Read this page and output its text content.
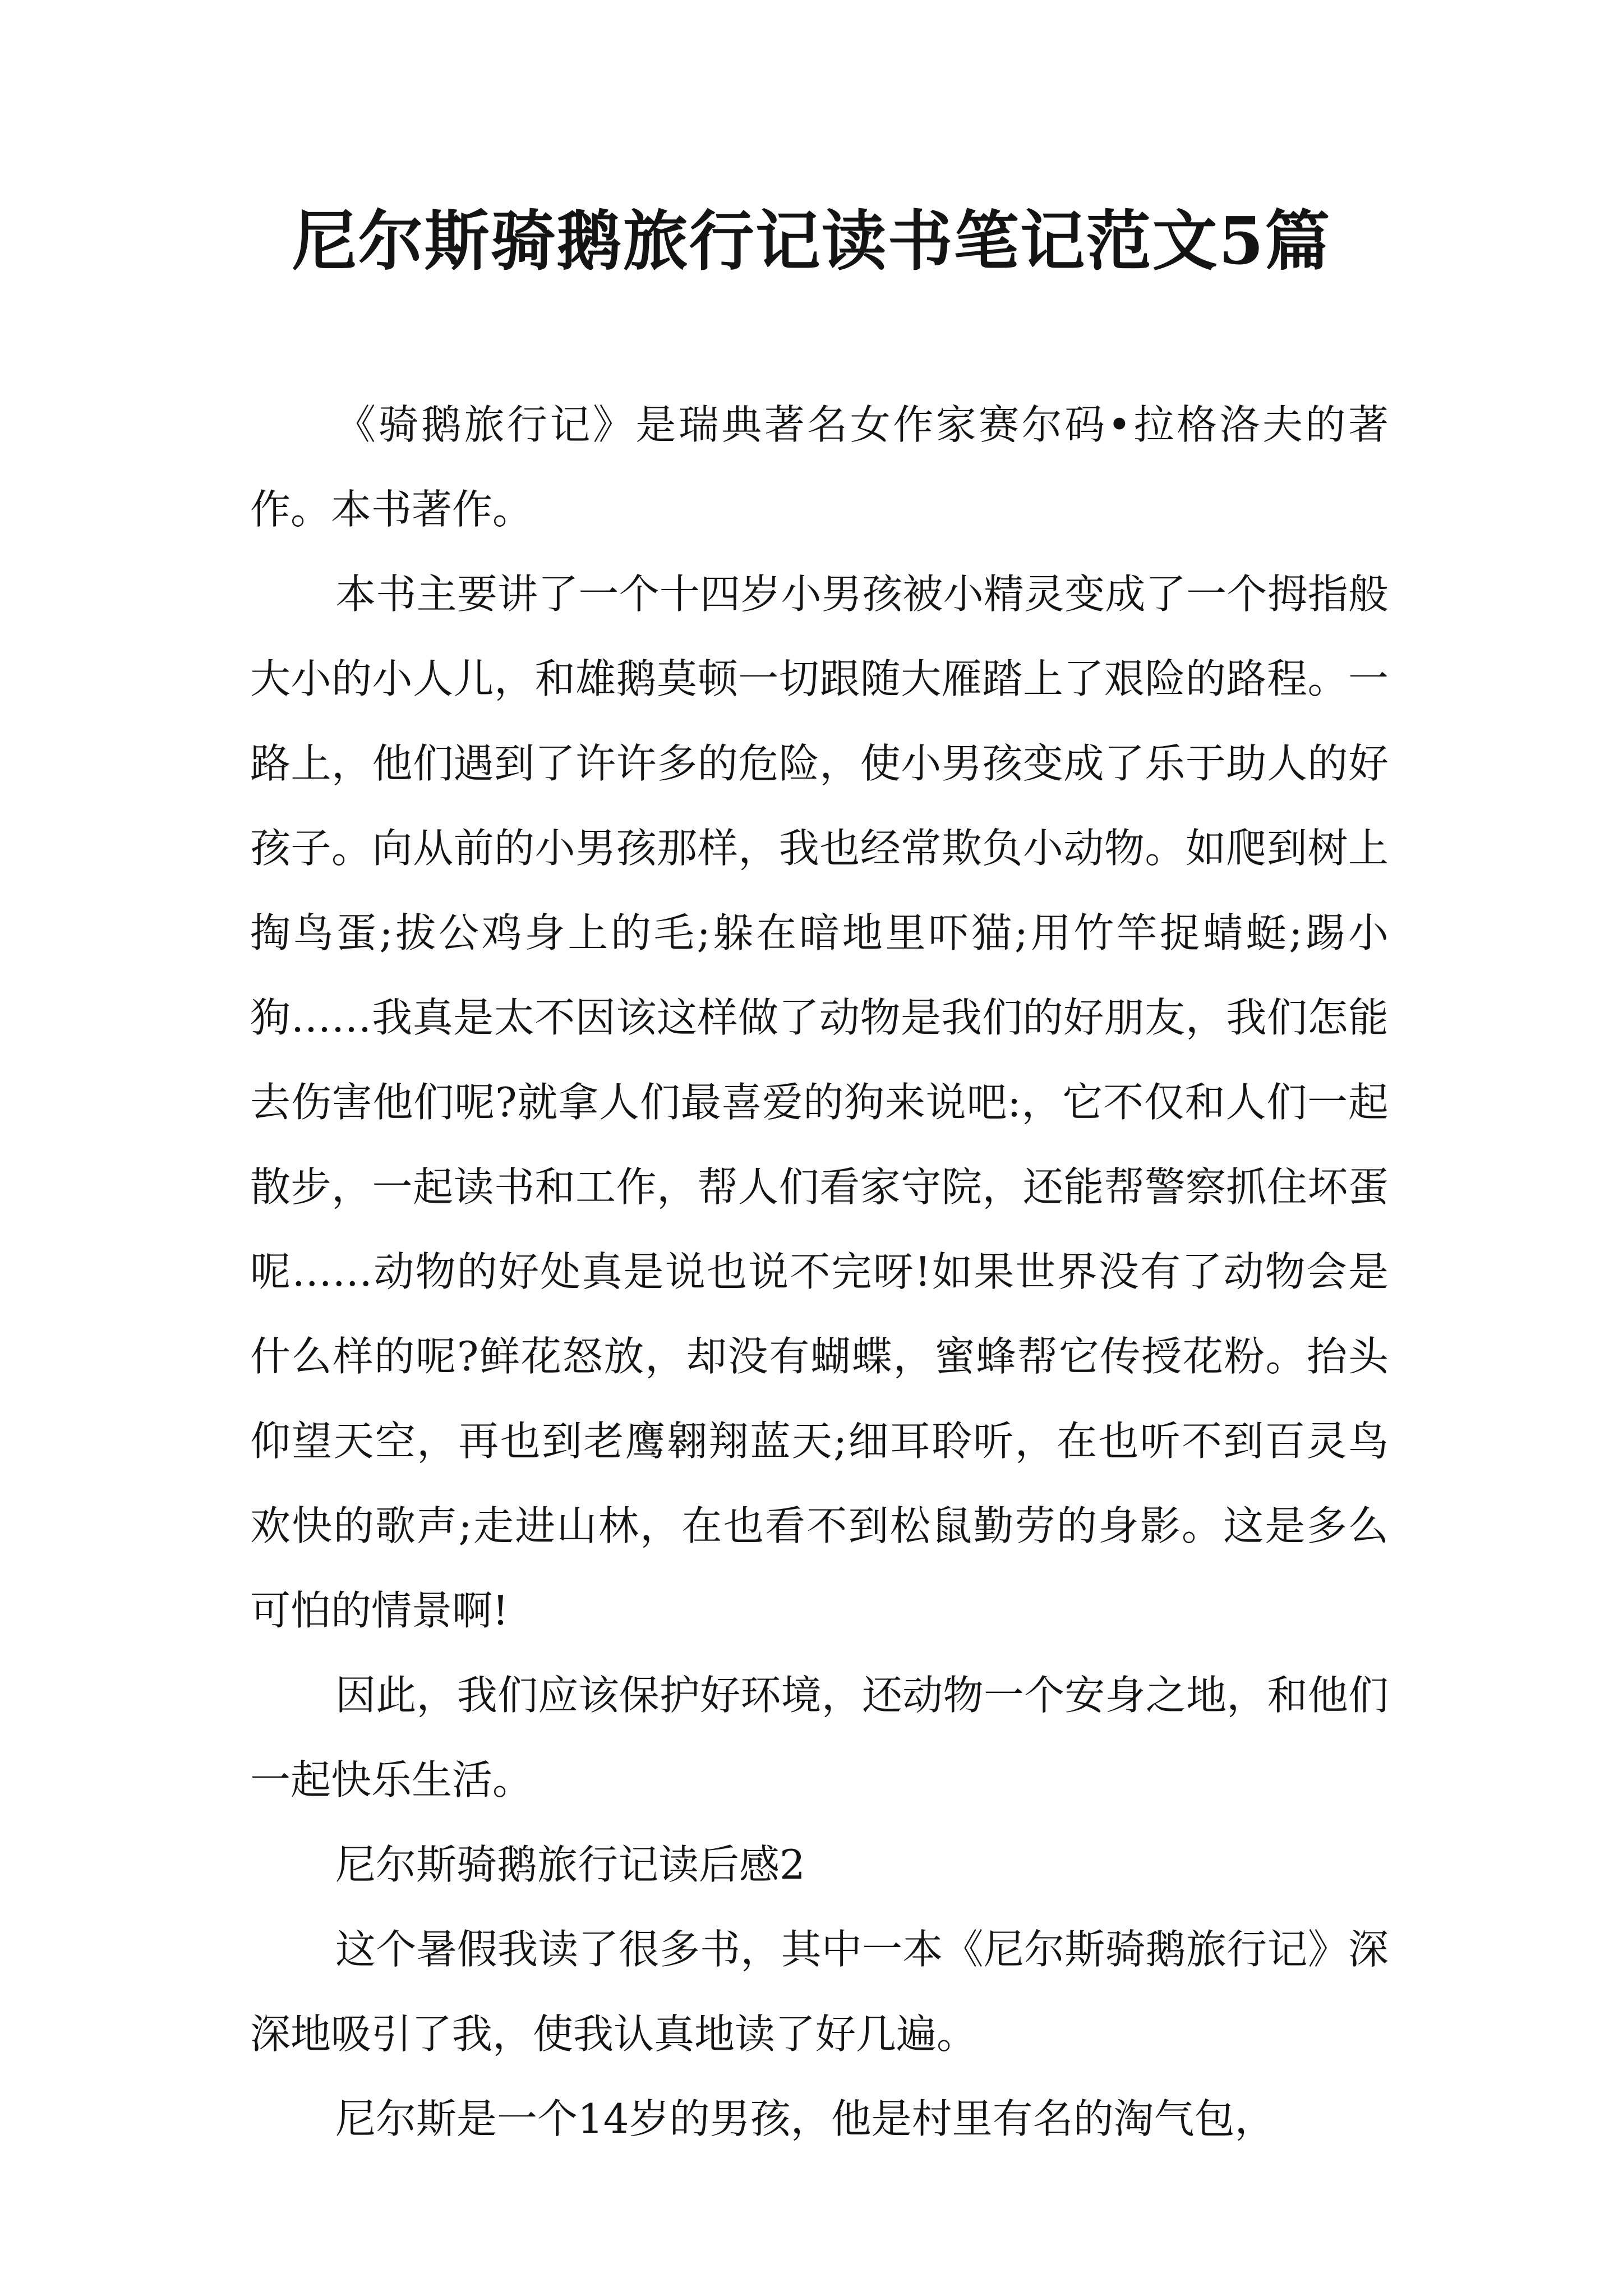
尼尔斯骑鹅旅行记读书笔记范文5篇

《骑鹅旅行记》是瑞典著名女作家赛尔码•拉格洛夫的著作。本书著作。

本书主要讲了一个十四岁小男孩被小精灵变成了一个拇指般大小的小人儿，和雄鹅莫顿一切跟随大雁踏上了艰险的路程。一路上，他们遇到了许许多的危险，使小男孩变成了乐于助人的好孩子。向从前的小男孩那样，我也经常欺负小动物。如爬到树上掏鸟蛋;拔公鸡身上的毛;躲在暗地里吓猫;用竹竿捉蜻蜓;踢小狗……我真是太不因该这样做了动物是我们的好朋友，我们怎能去伤害他们呢?就拿人们最喜爱的狗来说吧:，它不仅和人们一起散步，一起读书和工作，帮人们看家守院，还能帮警察抓住坏蛋呢……动物的好处真是说也说不完呀!如果世界没有了动物会是什么样的呢?鲜花怒放，却没有蝴蝶，蜜蜂帮它传授花粉。抬头仰望天空，再也到老鹰翱翔蓝天;细耳聆听，在也听不到百灵鸟欢快的歌声;走进山林，在也看不到松鼠勤劳的身影。这是多么可怕的情景啊!

因此，我们应该保护好环境，还动物一个安身之地，和他们一起快乐生活。

尼尔斯骑鹅旅行记读后感2

这个暑假我读了很多书，其中一本《尼尔斯骑鹅旅行记》深深地吸引了我，使我认真地读了好几遍。

尼尔斯是一个14岁的男孩，他是村里有名的淘气包，
